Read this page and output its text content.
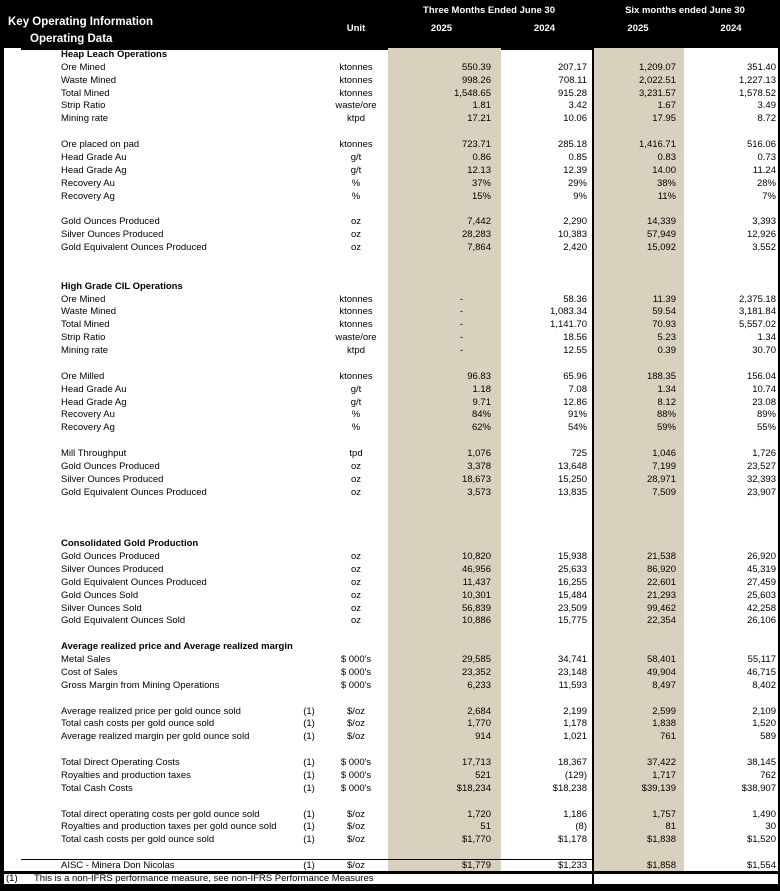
Key Operating Information
Operating Data
Unit
Three Months Ended June 30	Six months ended June 30
2025	2024	2025	2024
Heap Leach Operations
Ore Mined	ktonnes	550.39	207.17	1,209.07	351.40
Waste Mined	ktonnes	998.26	708.11	2,022.51	1,227.13
Total Mined	ktonnes	1,548.65	915.28	3,231.57	1,578.52
Strip Ratio	waste/ore	1.81	3.42	1.67	3.49
Mining rate	ktpd	17.21	10.06	17.95	8.72
Ore placed on pad	ktonnes	723.71	285.18	1,416.71	516.06
Head Grade Au	g/t	0.86	0.85	0.83	0.73
Head Grade Ag	g/t	12.13	12.39	14.00	11.24
Recovery Au	%	37%	29%	38%	28%
Recovery Ag	%	15%	9%	11%	7%
Gold Ounces Produced	oz	7,442	2,290	14,339	3,393
Silver Ounces Produced	oz	28,283	10,383	57,949	12,926
Gold Equivalent Ounces Produced	oz	7,864	2,420	15,092	3,552
High Grade CIL Operations
Ore Mined	ktonnes	-	58.36	11.39	2,375.18
Waste Mined	ktonnes	-	1,083.34	59.54	3,181.84
Total Mined	ktonnes	-	1,141.70	70.93	5,557.02
Strip Ratio	waste/ore	-	18.56	5.23	1.34
Mining rate	ktpd	-	12.55	0.39	30.70
Ore Milled	ktonnes	96.83	65.96	188.35	156.04
Head Grade Au	g/t	1.18	7.08	1.34	10.74
Head Grade Ag	g/t	9.71	12.86	8.12	23.08
Recovery Au	%	84%	91%	88%	89%
Recovery Ag	%	62%	54%	59%	55%
Mill Throughput	tpd	1,076	725	1,046	1,726
Gold Ounces Produced	oz	3,378	13,648	7,199	23,527
Silver Ounces Produced	oz	18,673	15,250	28,971	32,393
Gold Equivalent Ounces Produced	oz	3,573	13,835	7,509	23,907
Consolidated Gold Production
Gold Ounces Produced	oz	10,820	15,938	21,538	26,920
Silver Ounces Produced	oz	46,956	25,633	86,920	45,319
Gold Equivalent Ounces Produced	oz	11,437	16,255	22,601	27,459
Gold Ounces Sold	oz	10,301	15,484	21,293	25,603
Silver Ounces Sold	oz	56,839	23,509	99,462	42,258
Gold Equivalent Ounces Sold	oz	10,886	15,775	22,354	26,106
Average realized price and Average realized margin
Metal Sales	$ 000's	29,585	34,741	58,401	55,117
Cost of Sales	$ 000's	23,352	23,148	49,904	46,715
Gross Margin from Mining Operations	$ 000's	6,233	11,593	8,497	8,402
Average realized price per gold ounce sold	(1)	$/oz	2,684	2,199	2,599	2,109
Total cash costs per gold ounce sold	(1)	$/oz	1,770	1,178	1,838	1,520
Average realized margin per gold ounce sold	(1)	$/oz	914	1,021	761	589
Total Direct Operating Costs	(1)	$ 000's	17,713	18,367	37,422	38,145
Royalties and production taxes	(1)	$ 000's	521	(129)	1,717	762
Total Cash Costs	(1)	$ 000's	$18,234	$18,238	$39,139	$38,907
Total direct operating costs per gold ounce sold	(1)	$/oz	1,720	1,186	1,757	1,490
Royalties and production taxes per gold ounce sold	(1)	$/oz	51	(8)	81	30
Total cash costs per gold ounce sold	(1)	$/oz	$1,770	$1,178	$1,838	$1,520
AISC - Minera Don Nicolas	(1)	$/oz	$1,779	$1,233	$1,858	$1,554
(1) This is a non-IFRS performance measure, see non-IFRS Performance Measures
